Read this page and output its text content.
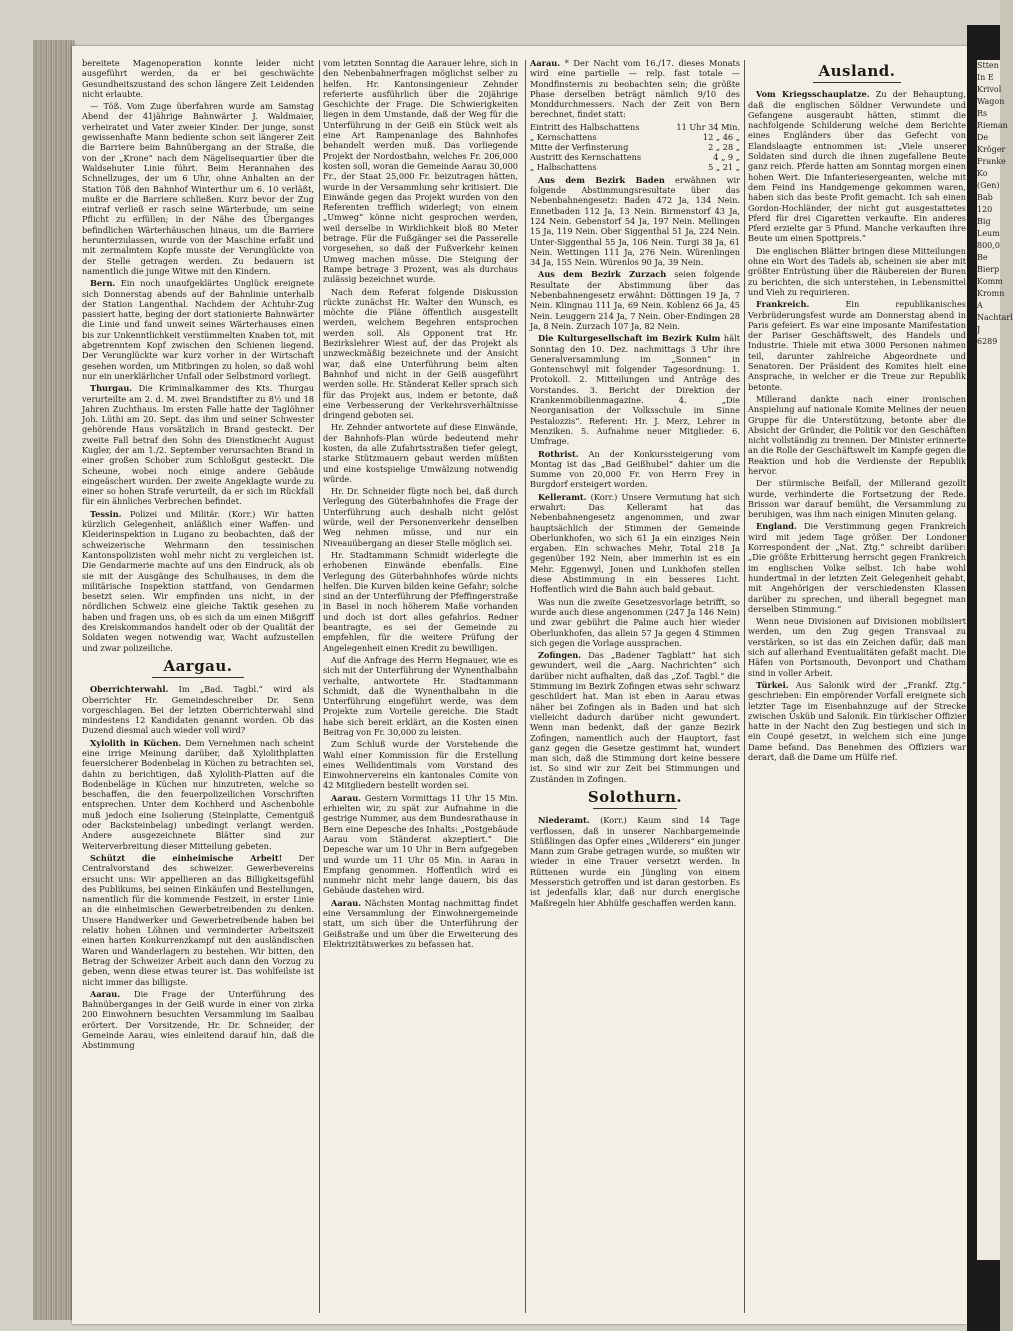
bereitete Magenoperation konnte leider nicht ausgeführt werden, da er bei geschwächte Gesundheitszustand des schon längere Zeit Leidenden nicht erlaubte.

— Töß. Vom Zuge überfahren wurde am Samstag Abend der 41jährige Bahnwärter J. Waldmaier, verheiratet und Vater zweier Kinder. Der junge, sonst gewissenhafte Mann bediente schon seit längerer Zeit die Barriere beim Bahnübergang an der Straße, die von der „Krone“ nach dem Nägelisequartier über die Waldsehuter Linie führt. Beim Herannahen des Schnellzuges, der um 6 Uhr, ohne Anhalten an der Station Töß den Bahnhof Winterthur um 6. 10 verläßt, mußte er die Barriere schließen. Kurz bevor der Zug eintraf verließ er rasch seine Wärterbude, um seine Pflicht zu erfüllen; in der Nähe des Überganges befindlichen Wärterhäuschen hinaus, um die Barriere herunterzulassen, wurde von der Maschine erfaßt und mit zermalmtem Kopfe musste der Verunglückte von der Stelle getragen werden. Zu bedauern ist namentlich die junge Witwe mit den Kindern.

Bern. Ein noch unaufgeklärtes Unglück ereignete sich Donnerstag abends auf der Bahnlinie unterhalb der Station Langenthal. Nachdem der Achtuhr-Zug passiert hatte, beging der dort stationierte Bahnwärter die Linie und fand unweit seines Wärterhauses einen bis zur Unkenntlichkeit verstümmelten Knaben tot, mit abgetrenntem Kopf zwischen den Schienen liegend. Der Verunglückte war kurz vorher in der Wirtschaft gesehen worden, um Mitbringen zu holen, so daß wohl nur ein unerklärlicher Unfall oder Selbstmord vorliegt.

Thurgau. Die Kriminalkammer des Kts. Thurgau verurteilte am 2. d. M. zwei Brandstifter zu 8½ und 18 Jahren Zuchthaus. Im ersten Falle hatte der Taglöhner Joh. Lüthi am 20. Sept. das ihm und seiner Schwester gehörende Haus vorsätzlich in Brand gesteckt. Der zweite Fall betraf den Sohn des Dienstknecht August Kugler, der am 1./2. September verursachten Brand in einer großen Schober zum Schloßgut gesteckt. Die Scheune, wobei noch einige andere Gebäude eingeäschert wurden. Der zweite Angeklagte wurde zu einer so hohen Strafe verurteilt, da er sich im Rückfall für ein ähnliches Verbrechen befindet.

Tessin. Polizei und Militär. (Korr.) Wir hatten kürzlich Gelegenheit, anläßlich einer Waffen- und Kleiderinspektion in Lugano zu beobachten, daß der schweizerische Wehrmann den tessinischen Kantonspolizisten wohl mehr nicht zu vergleichen ist. Die Gendarmerie machte auf uns den Eindruck, als ob sie mit der Ausgänge des Schulhauses, in dem die militärische Inspektion stattfand, von Gendarmen besetzt seien. Wir empfinden uns nicht, in der nördlichen Schweiz eine gleiche Taktik gesehen zu haben und fragen uns, ob es sich da um einen Mißgriff des Kreiskommandos handelt oder ob der Qualität der Soldaten wegen notwendig war, Wacht aufzustellen und zwar polizeiliche.

Aargau.

Oberrichterwahl. Im „Bad. Tagbl.“ wird als Oberrichter Hr. Gemeindeschreiber Dr. Senn vorgeschlagen. Bei der letzten Oberrichterwahl sind mindestens 12 Kandidaten genannt worden. Ob das Duzend diesmal auch wieder voll wird?

Xylolith in Küchen. Dem Vernehmen nach scheint eine irrige Meinung darüber, daß Xylolithplatten feuersicherer Bodenbelag in Küchen zu betrachten sei, dahin zu berichtigen, daß Xylolith-Platten auf die Bodenbeläge in Küchen nur hinzutreten, welche so beschaffen, die den feuerpolizeilichen Vorschriften entsprechen. Unter dem Kochherd und Aschenbohle muß jedoch eine Isolierung (Steinplatte, Cementguß oder Backsteinbelag) unbedingt verlangt werden. Andere ausgezeichnete Blätter sind zur Weiterverbreitung dieser Mitteilung gebeten.

Schützt die einheimische Arbeit! Der Centralvorstand des schweizer. Gewerbevereins ersucht uns: Wir appellieren an das Billigkeitsgefühl des Publikums, bei seinen Einkäufen und Bestellungen, namentlich für die kommende Festzeit, in erster Linie an die einheimischen Gewerbetreibenden zu denken. Unsere Handwerker und Gewerbetreibende haben bei relativ hohen Löhnen und verminderter Arbeitszeit einen harten Konkurrenzkampf mit den ausländischen Waren und Wanderlagern zu bestehen. Wir bitten, den Betrag der Schweizer Arbeit auch dann den Vorzug zu geben, wenn diese etwas teurer ist. Das wohlfeilste ist nicht immer das billigste.

Aarau. Die Frage der Unterführung des Bahnüberganges in der Geiß wurde in einer von zirka 200 Einwohnern besuchten Versammlung im Saalbau erörtert. Der Vorsitzende, Hr. Dr. Schneider, der Gemeinde Aarau, wies einleitend darauf hin, daß die Abstimmung

vom letzten Sonntag die Aarauer lehre, sich in den Nebenbahnerfragen möglichst selber zu helfen. Hr. Kantonsingenieur Zehnder referierte ausführlich über die 20jährige Geschichte der Frage. Die Schwierigkeiten liegen in dem Umstande, daß der Weg für die Unterführung in der Geiß ein Stück weit als eine Art Rampenanlage des Bahnhofes behandelt werden muß. Das vorliegende Projekt der Nordostbahn, welches Fr. 206,000 kosten soll, woran die Gemeinde Aarau 30,000 Fr., der Staat 25,000 Fr. beizutragen hätten, wurde in der Versammlung sehr kritisiert. Die Einwände gegen das Projekt wurden von den Referenten trefflich widerlegt; von einem „Umweg“ könne nicht gesprochen werden, weil derselbe in Wirklichkeit bloß 80 Meter betrage. Für die Fußgänger sei die Passerelle vorgesehen, so daß der Fußverkehr keinen Umweg machen müsse. Die Steigung der Rampe betrage 3 Prozent, was als durchaus zulässig bezeichnet wurde.

Nach dem Referat folgende Diskussion rückte zunächst Hr. Walter den Wunsch, es möchte die Pläne öffentlich ausgestellt werden, welchem Begehren entsprochen werden soll. Als Opponent trat Hr. Bezirkslehrer Wiest auf, der das Projekt als unzweckmäßig bezeichnete und der Ansicht war, daß eine Unterführung beim alten Bahnhof und nicht in der Geiß ausgeführt werden solle. Hr. Ständerat Keller sprach sich für das Projekt aus, indem er betonte, daß eine Verbesserung der Verkehrsverhältnisse dringend geboten sei.

Hr. Zehnder antwortete auf diese Einwände, der Bahnhofs-Plan würde bedeutend mehr kosten, da alle Zufahrtsstraßen tiefer gelegt, starke Stützmauern gebaut werden müßten und eine kostspielige Umwälzung notwendig würde.

Hr. Dr. Schneider fügte noch bei, daß durch Verlegung des Güterbahnhofes die Frage der Unterführung auch deshalb nicht gelöst würde, weil der Personenverkehr denselben Weg nehmen müsse, und nur ein Niveauübergang an dieser Stelle möglich sei.

Hr. Stadtammann Schmidt widerlegte die erhobenen Einwände ebenfalls. Eine Verlegung des Güterbahnhofes würde nichts helfen. Die Kurven bilden keine Gefahr; solche sind an der Unterführung der Pfeffingerstraße in Basel in noch höherem Maße vorhanden und doch ist dort alles gefahrlos. Redner beantragte, es sei der Gemeinde zu empfehlen, für die weitere Prüfung der Angelegenheit einen Kredit zu bewilligen.

Auf die Anfrage des Herrn Hegnauer, wie es sich mit der Unterführung der Wynenthalbahn verhalte, antwortete Hr. Stadtammann Schmidt, daß die Wynenthalbahn in die Unterführung eingeführt werde, was dem Projekte zum Vorteile gereiche. Die Stadt habe sich bereit erklärt, an die Kosten einen Beitrag von Fr. 30,000 zu leisten.

Zum Schluß wurde der Vorstehende die Wahl einer Kommission für die Erstellung eines Wellidentimals vom Vorstand des Einwohnervereins ein kantonales Comite von 42 Mitgliedern bestellt worden sei.

Aarau. Gestern Vormittags 11 Uhr 15 Min. erhielten wir, zu spät zur Aufnahme in die gestrige Nummer, aus dem Bundesrathause in Bern eine Depesche des Inhalts: „Postgebäude Aarau vom Ständerat akzeptiert.“ Die Depesche war um 10 Uhr in Bern aufgegeben und wurde um 11 Uhr 05 Min. in Aarau in Empfang genommen. Hoffentlich wird es nunmehr nicht mehr lange dauern, bis das Gebäude dastehen wird.

Aarau. Nächsten Montag nachmittag findet eine Versammlung der Einwohnergemeinde statt, um sich über die Unterführung der Geißstraße und um über die Erweiterung des Elektrizitätswerkes zu befassen hat.

Aarau. * Der Nacht vom 16./17. dieses Monats wird eine partielle — relp. fast totale — Mondfinsternis zu beobachten sein; die größte Phase derselben beträgt nämlich 9/10 des Monddurchmessers. Nach der Zeit von Bern berechnet, findet statt:

Eintritt des Halbschattens	11 Uhr 34 Min.
„ Kernschattens	12 „ 46 „
Mitte der Verfinsterung	2 „ 28 „
Austritt des Kernschattens	4 „ 9 „
„ Halbschattens	5 „ 21 „

Aus dem Bezirk Baden erwähnen wir folgende Abstimmungsresultate über das Nebenbahnengesetz: Baden 472 Ja, 134 Nein. Ennetbaden 112 Ja, 13 Nein. Birmenstorf 43 Ja, 124 Nein. Gebenstorf 54 Ja, 197 Nein. Mellingen 15 Ja, 119 Nein. Ober Siggenthal 51 Ja, 224 Nein. Unter-Siggenthal 55 Ja, 106 Nein. Turgi 38 Ja, 61 Nein. Wettingen 111 Ja, 276 Nein. Würenlingen 34 Ja, 155 Nein. Würenlos 90 Ja, 39 Nein.

Aus dem Bezirk Zurzach seien folgende Resultate der Abstimmung über das Nebenbahnengesetz erwähnt: Döttingen 19 Ja, 7 Nein. Klingnau 111 Ja, 69 Nein. Koblenz 66 Ja, 45 Nein. Leuggern 214 Ja, 7 Nein. Ober-Endingen 28 Ja, 8 Nein. Zurzach 107 Ja, 82 Nein.

Die Kulturgesellschaft im Bezirk Kulm hält Sonntag den 10. Dez. nachmittags 3 Uhr ihre Generalversammlung im „Sonnen“ in Gontenschwyl mit folgender Tagesordnung: 1. Protokoll. 2. Mitteilungen und Anträge des Vorstandes. 3. Bericht der Direktion der Krankenmobilienmagazine. 4. „Die Neorganisation der Volksschule im Sinne Pestalozzis“. Referent: Hr. J. Merz, Lehrer in Menziken. 5. Aufnahme neuer Mitglieder. 6. Umfrage.

Rothrist. An der Konkurssteigerung vom Montag ist das „Bad Geißhubel“ dahier um die Summe von 20,000 Fr. von Herrn Frey in Burgdorf ersteigert worden.

Kelleramt. (Korr.) Unsere Vermutung hat sich erwahrt: Das Kelleramt hat das Nebenbahnengesetz angenommen, und zwar hauptsächlich der Stimmen der Gemeinde Oberlunkhofen, wo sich 61 Ja ein einziges Nein ergaben. Ein schwaches Mehr, Total 218 Ja gegenüber 192 Nein, aber immerhin ist es ein Mehr. Eggenwyl, Jonen und Lunkhofen stellen diese Abstimmung in ein besseres Licht. Hoffentlich wird die Bahn auch bald gebaut.

Was nun die zweite Gesetzesvorlage betrifft, so wurde auch diese angenommen (247 Ja 146 Nein) und zwar gebührt die Palme auch hier wieder Oberlunkhofen, das allein 57 Ja gegen 4 Stimmen sich gegen die Vorlage aussprachen.

Zofingen. Das „Badener Tagblatt“ hat sich gewundert, weil die „Aarg. Nachrichten“ sich darüber nicht aufhalten, daß das „Zof. Tagbl.“ die Stimmung im Bezirk Zofingen etwas sehr schwarz geschildert hat. Man ist eben in Aarau etwas näher bei Zofingen als in Baden und hat sich vielleicht dadurch darüber nicht gewundert. Wenn man bedenkt, daß der ganze Bezirk Zofingen, namentlich auch der Hauptort, fast ganz gegen die Gesetze gestimmt hat, wundert man sich, daß die Stimmung dort keine bessere ist. So sind wir zur Zeit bei Stimmungen und Zuständen in Zofingen.

Solothurn.

Niederamt. (Korr.) Kaum sind 14 Tage verflossen, daß in unserer Nachbargemeinde Stüßlingen das Opfer eines „Wilderers“ ein junger Mann zum Grabe getragen wurde, so mußten wir wieder in eine Trauer versetzt werden. In Rüttenen wurde ein Jüngling von einem Messerstich getroffen und ist daran gestorben. Es ist jedenfalls klar, daß nur durch energische Maßregeln hier Abhülfe geschaffen werden kann.

Ausland.

Vom Kriegsschauplatze. Zu der Behauptung, daß die englischen Söldner Verwundete und Gefangene ausgeraubt hätten, stimmt die nachfolgende Schilderung welche dem Berichte eines Engländers über das Gefecht von Elandslaagte entnommen ist: „Viele unserer Soldaten sind durch die ihnen zugefallene Beute ganz reich. Pferde hatten am Sonntag morgen einen hohen Wert. Die Infanteriesergeanten, welche mit dem Feind ins Handgemenge gekommen waren, haben sich das beste Profit gemacht. Ich sah einen Gordon-Hochländer, der nicht gut ausgestattetes Pferd für drei Cigaretten verkaufte. Ein anderes Pferd erzielte gar 5 Pfund. Manche verkauften ihre Beute um einen Spottpreis.“

Die englischen Blätter bringen diese Mitteilungen ohne ein Wort des Tadels ab, scheinen sie aber mit größter Entrüstung über die Räubereien der Buren zu berichten, die sich unterstehen, in Lebensmittel und Vieh zu requirieren.

Frankreich.	Ein republikanisches Verbrüderungsfest wurde am Donnerstag abend in Paris gefeiert. Es war eine imposante Manifestation der Pariser Geschäftswelt, des Handels und Industrie. Thiele mit etwa 3000 Personen nahmen teil, darunter zahlreiche Abgeordnete und Senatoren. Der Präsident des Komites hielt eine Ansprache, in welcher er die Treue zur Republik betonte.

Millerand dankte nach einer ironischen Anspielung auf nationale Komite Melines der neuen Gruppe für die Unterstützung, betonte aber die Absicht der Gründer, die Politik vor den Geschäften nicht vollständig zu trennen. Der Minister erinnerte an die Rolle der Geschäftswelt im Kampfe gegen die Reaktion und hob die Verdienste der Republik hervor.

Der stürmische Beifall, der Millerand gezollt wurde, verhinderte die Fortsetzung der Rede. Brisson war darauf bemüht, die Versammlung zu beruhigen, was ihm nach einigen Minuten gelang.

England. Die Verstimmung gegen Frankreich wird mit jedem Tage größer. Der Londoner Korrespondent der „Nat. Ztg.“ schreibt darüber: „Die größte Erbitterung herrscht gegen Frankreich im englischen Volke selbst. Ich habe wohl hundertmal in der letzten Zeit Gelegenheit gehabt, mit Angehörigen der verschiedensten Klassen darüber zu sprechen, und überall begegnet man derselben Stimmung.“

Wenn neue Divisionen auf Divisionen mobilisiert werden, um den Zug gegen Transvaal zu verstärken, so ist das ein Zeichen dafür, daß man sich auf allerhand Eventualitäten gefaßt macht. Die Häfen von Portsmouth, Devonport und Chatham sind in voller Arbeit.

Türkei. Aus Salonik wird der „Frankf. Ztg.“ geschrieben: Ein empörender Vorfall ereignete sich letzter Tage im Eisenbahnzuge auf der Strecke zwischen Üsküb und Salonik. Ein türkischer Offizier hatte in der Nacht den Zug bestiegen und sich in ein Coupé gesetzt, in welchem sich eine junge Dame befand. Das Benehmen des Offiziers war derart, daß die Dame um Hülfe rief.

Stten
In E
Krivol
Wagon
Rs
Rieman
De
Kröger
Franke
Ko
(Gen)
Bab
120
Big
Leum
800,0
Be
Bierp
Komm
Kromn
A
Nachtarl
J
6289
